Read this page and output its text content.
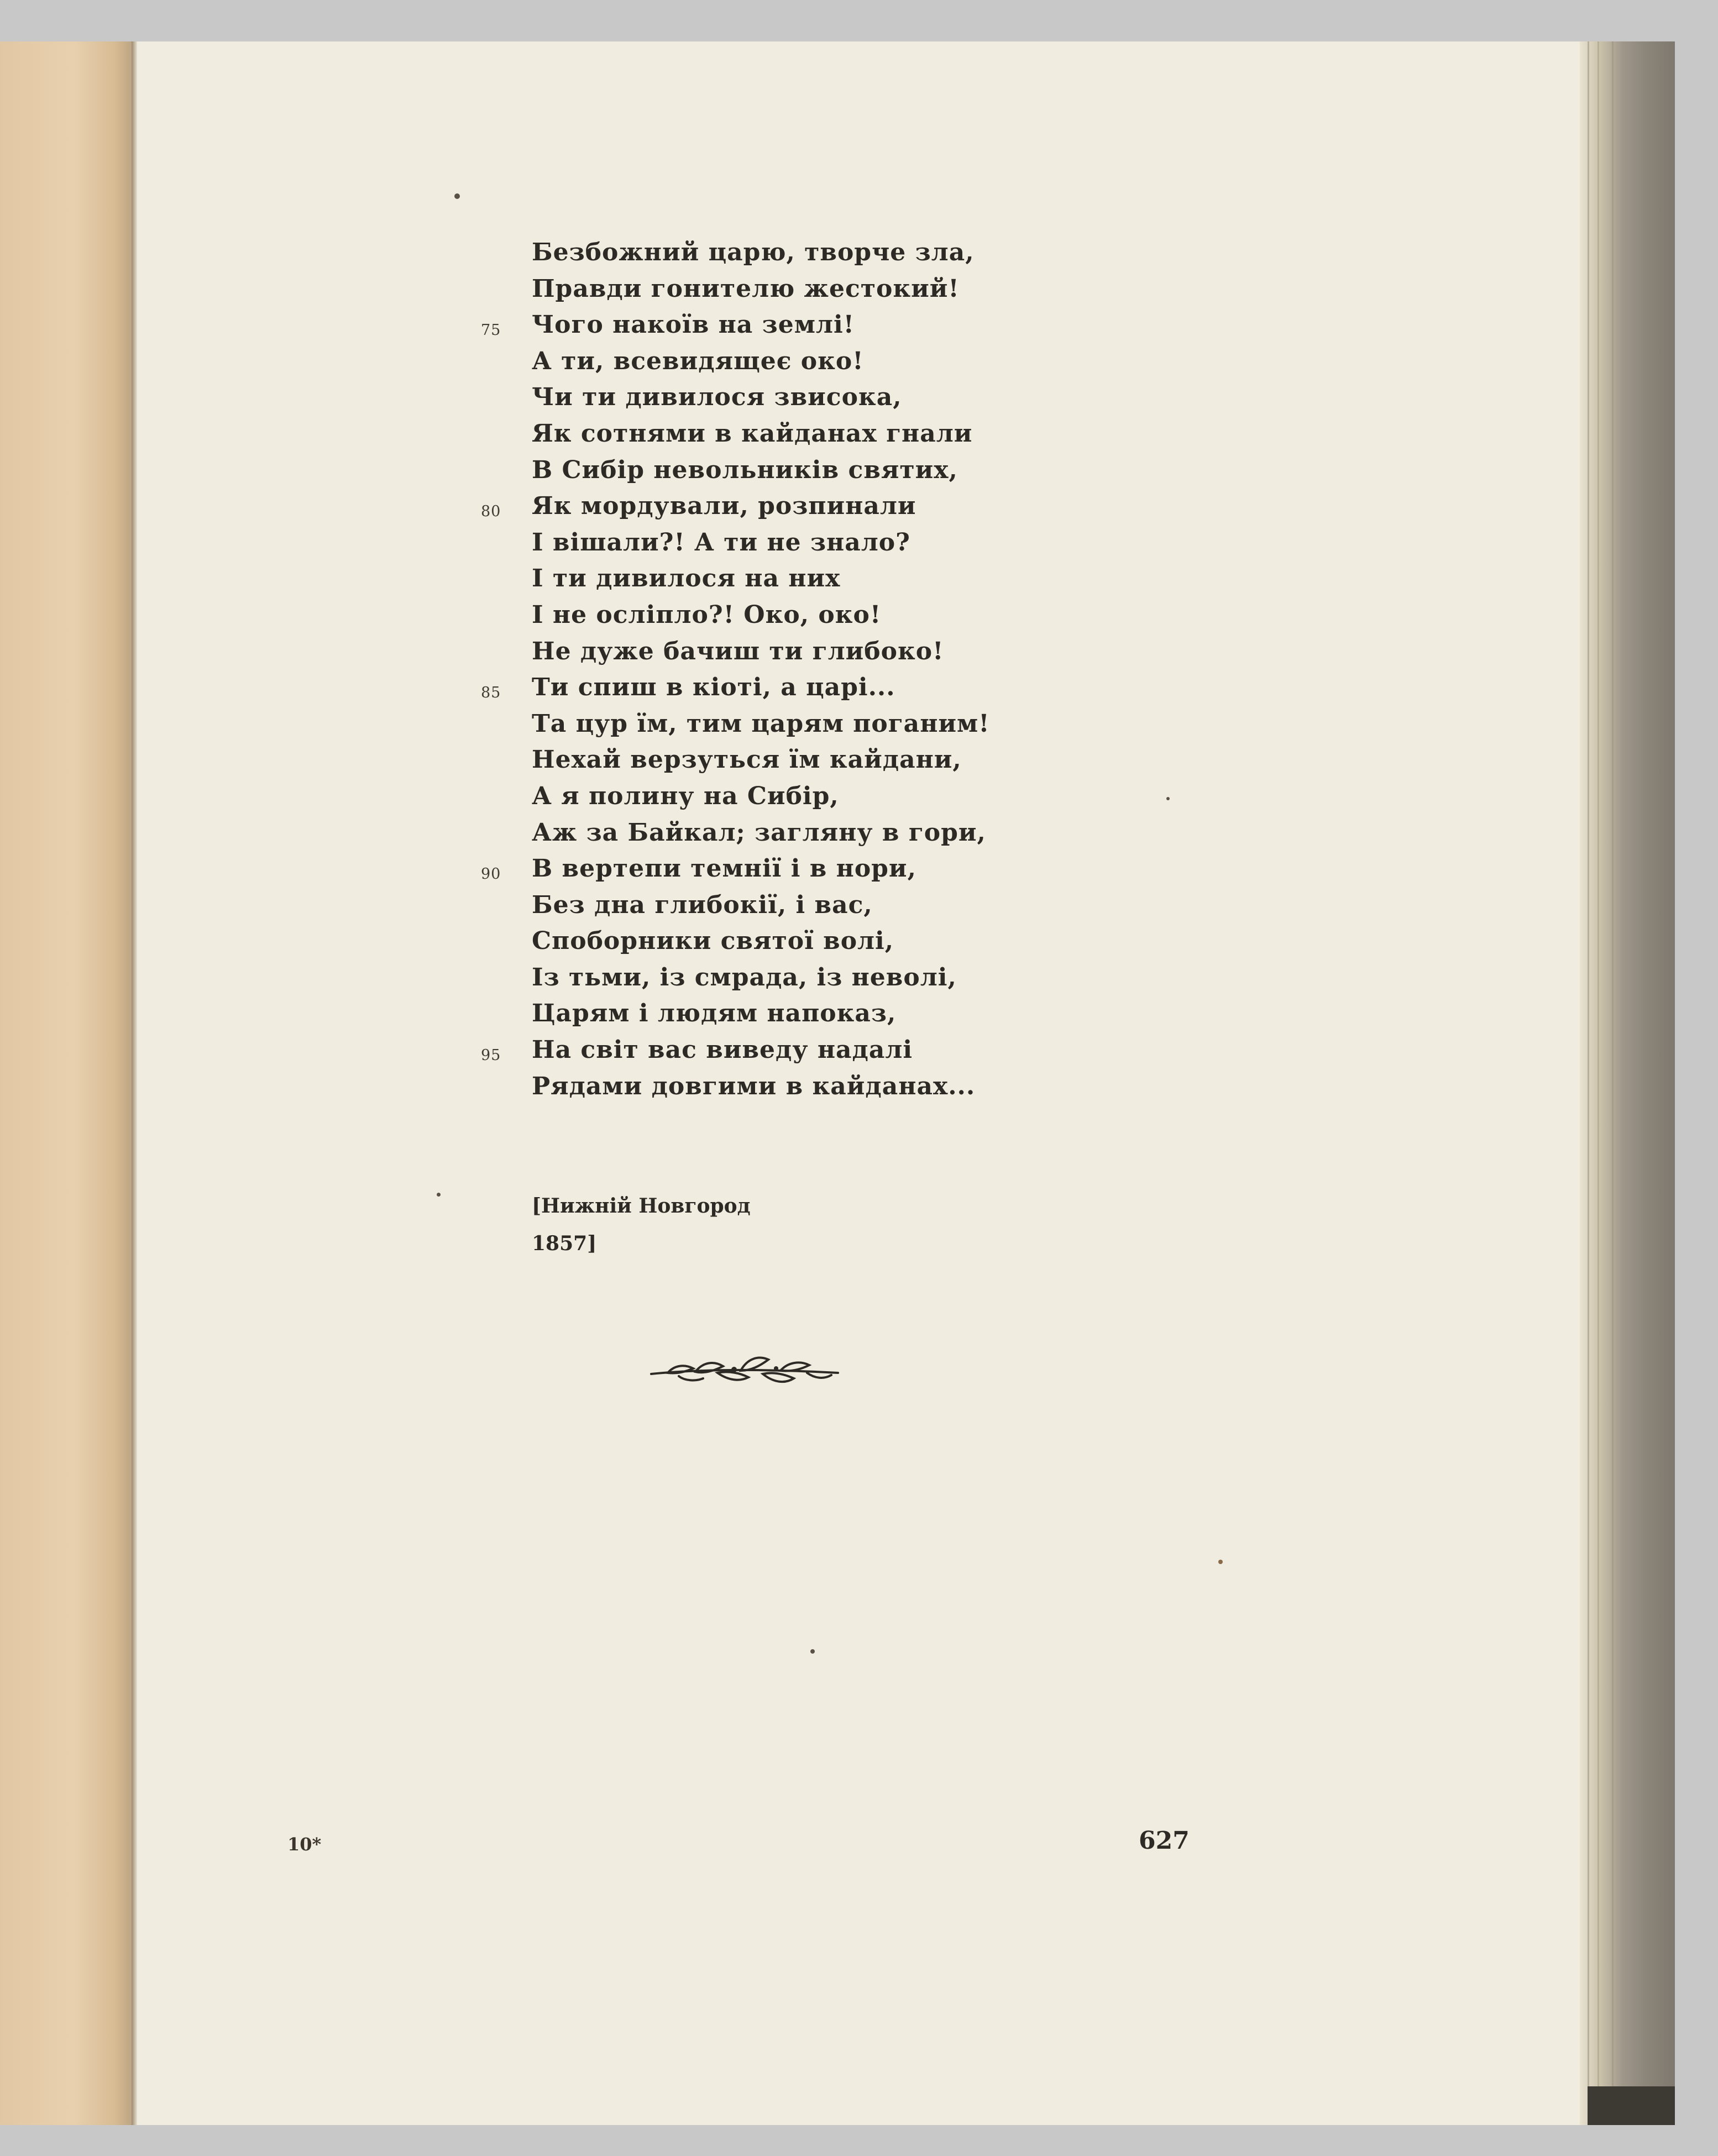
Безбожний царю, творче зла,
Правди гонителю жестокий!
Чого накоїв на землі!
75
А ти, всевидящеє око!
Чи ти дивилося звисока,
Як сотнями в кайданах гнали
В Сибір невольників святих,
Як мордували, розпинали
80
І вішали?! А ти не знало?
І ти дивилося на них
І не осліпло?! Око, око!
Не дуже бачиш ти глибоко!
Ти спиш в кіоті, а царі...
85
Та цур їм, тим царям поганим!
Нехай верзуться їм кайдани,
А я полину на Сибір,
Аж за Байкал; загляну в гори,
В вертепи темнії і в нори,
90
Без дна глибокії, і вас,
Споборники святої волі,
Із тьми, із смрада, із неволі,
Царям і людям напоказ,
На світ вас виведу надалі
95
Рядами довгими в кайданах...
[Нижній Новгород
1857]
10*	627
